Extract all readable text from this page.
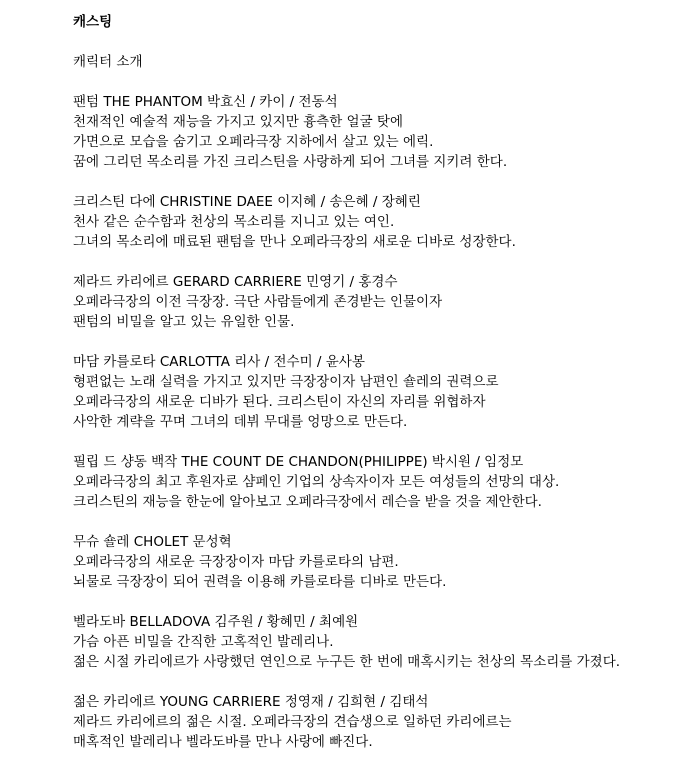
캐스팅
캐릭터 소개
팬텀 THE PHANTOM 박효신 / 카이 / 전동석
천재적인 예술적 재능을 가지고 있지만 흉측한 얼굴 탓에
가면으로 모습을 숨기고 오페라극장 지하에서 살고 있는 에릭.
꿈에 그리던 목소리를 가진 크리스틴을 사랑하게 되어 그녀를 지키려 한다.
크리스틴 다에 CHRISTINE DAEE 이지혜 / 송은혜 / 장혜린
천사 같은 순수함과 천상의 목소리를 지니고 있는 여인.
그녀의 목소리에 매료된 팬텀을 만나 오페라극장의 새로운 디바로 성장한다.
제라드 카리에르 GERARD CARRIERE 민영기 / 홍경수
오페라극장의 이전 극장장. 극단 사람들에게 존경받는 인물이자
팬텀의 비밀을 알고 있는 유일한 인물.
마담 카를로타 CARLOTTA 리사 / 전수미 / 윤사봉
형편없는 노래 실력을 가지고 있지만 극장장이자 남편인 숄레의 권력으로
오페라극장의 새로운 디바가 된다. 크리스틴이 자신의 자리를 위협하자
사악한 계략을 꾸며 그녀의 데뷔 무대를 엉망으로 만든다.
필립 드 샹동 백작 THE COUNT DE CHANDON(PHILIPPE) 박시원 / 임정모
오페라극장의 최고 후원자로 샴페인 기업의 상속자이자 모든 여성들의 선망의 대상.
크리스틴의 재능을 한눈에 알아보고 오페라극장에서 레슨을 받을 것을 제안한다.
무슈 숄레 CHOLET 문성혁
오페라극장의 새로운 극장장이자 마담 카를로타의 남편.
뇌물로 극장장이 되어 권력을 이용해 카를로타를 디바로 만든다.
벨라도바 BELLADOVA 김주원 / 황혜민 / 최예원
가슴 아픈 비밀을 간직한 고혹적인 발레리나.
젊은 시절 카리에르가 사랑했던 연인으로 누구든 한 번에 매혹시키는 천상의 목소리를 가졌다.
젊은 카리에르 YOUNG CARRIERE 정영재 / 김희현 / 김태석
제라드 카리에르의 젊은 시절. 오페라극장의 견습생으로 일하던 카리에르는
매혹적인 발레리나 벨라도바를 만나 사랑에 빠진다.
